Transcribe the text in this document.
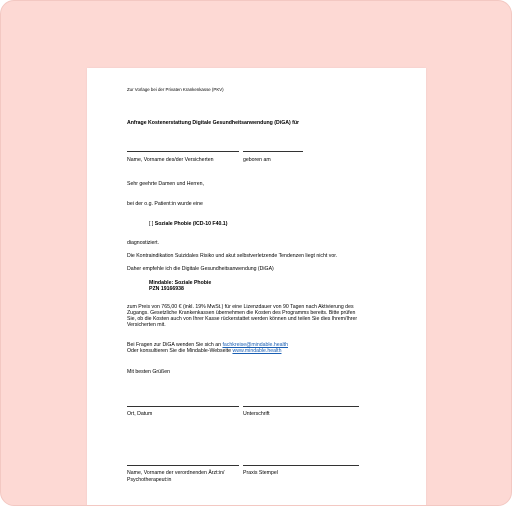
Zur Vorlage bei der Privaten Krankenkasse (PKV)
Anfrage Kostenerstattung Digitale Gesundheitsanwendung (DiGA) für
Name, Vorname des/der Versicherten	geboren am
Sehr geehrte Damen und Herren,
bei der o.g. Patient:in wurde eine
[ ] Soziale Phobie (ICD-10 F40.1)
diagnostiziert.
Die Kontraindikation Suizidales Risiko und akut selbstverletzende Tendenzen liegt nicht vor.
Daher empfehle ich die Digitale Gesundheitsanwendung (DiGA)
Mindable: Soziale Phobie
PZN 19166938
zum Preis von 765,00 € (inkl. 19% MwSt.) für eine Lizenzdauer von 90 Tagen nach Aktivierung des
Zugangs. Gesetzliche Krankenkassen übernehmen die Kosten des Programms bereits. Bitte prüfen
Sie, ob die Kosten auch von Ihrer Kasse rückerstattet werden können und teilen Sie dies Ihrem/Ihrer
Versicherten mit.
Bei Fragen zur DiGA wenden Sie sich an fachkreise@mindable.health
Oder konsultieren Sie die Mindable-Webseite www.mindable.health
Mit besten Grüßen
Ort, Datum	Unterschrift
Name, Vorname der verordnenden Ärzt:in/
Psychotherapeut:in
Praxis Stempel
